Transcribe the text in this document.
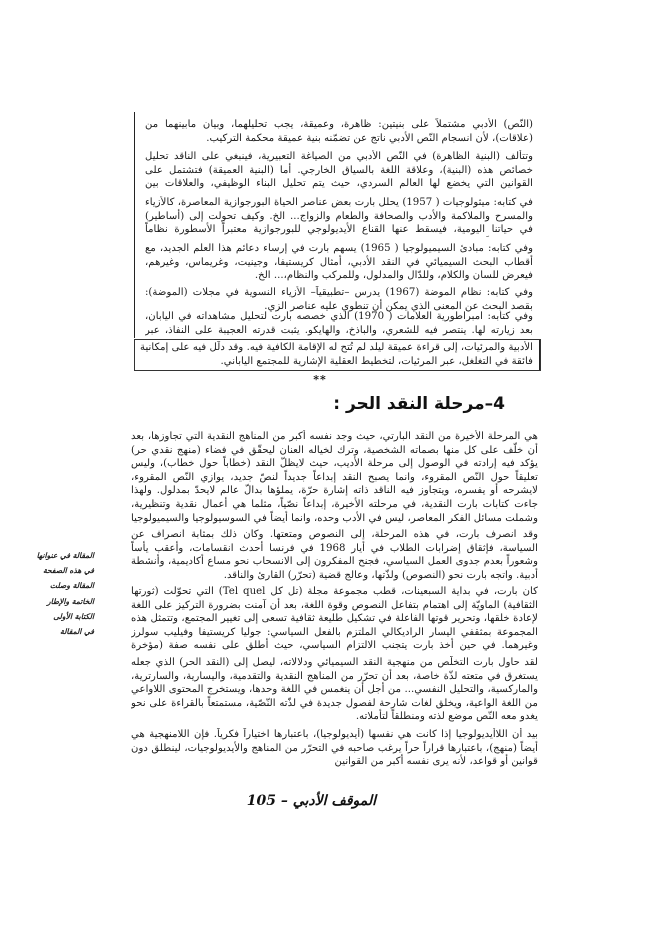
(النّص) الأدبي مشتملاً على بنيتين: ظاهرة، وعميقة، يجب تحليلهما، وبيان مابينهما من (علاقات)، لأن انسجام النّص الأدبي ناتج عن تضمّنه بنية عميقة محكمة التركيب.
وتتألف (البنية الظاهرة) في النّص الأدبي من الصياغة التعبيرية، فينبغي على الناقد تحليل خصائص هذه (البنية)، وعلاقة اللغة بالسياق الخارجي. أما (البنية العميقة) فتشتمل على القوانين التي يخضع لها العالم السردي، حيث يتم تحليل البناء الوظيفي، والعلاقات بين
في كتابه: ميثولوجيات ( 1957) يحلل بارت بعض عناصر الحياة البورجوازية المعاصرة، كالأزياء والمسرح والملاكمة والأدب والصحافة والطعام والزواج... الخ. وكيف تحولت إلى (أساطير) في حياتنا اليومية، فيسقط عنها القناع الأيديولوجي للبورجوازية معتبراً الأسطورة نظاماً
وفي كتابه: مبادئ السيميولوجيا ( 1965) يسهم بارت في إرساء دعائم هذا العلم الجديد، مع أقطاب البحث السيميائي في النقد الأدبي، أمثال كريستيفا، وجينيت، وغريماس، وغيرهم، فيعرض للسان والكلام، وللدّال والمدلول، وللمركب والنظام،... الخ.
وفي كتابه: نظام الموضة (1967) يدرس –تطبيقياً– الأزياء النسوية في مجلات (الموضة): بقصد البحث عن المعنى الذي يمكن أن تنطوي عليه عناصر الزي.
وفي كتابه: امبراطورية العلامات ( 1970) الذي خصصه بارت لتحليل مشاهداته في اليابان، بعد زيارته لها. ينتصر فيه للشعري، والباذخ، والهايكو. يثبت قدرته العجيبة على النفاذ، عبر
الأدبية والمرئيات، إلى قراءة عميقة ليلد لم تُتح له الإقامة الكافية فيه. وقد دلّل فيه على إمكانية فائقة في التغلغل، عبر المرئيات، لتخطيط العقلية الإشارية للمجتمع الياباني.
**
4–مرحلة النقد الحر :
هي المرحلة الأخيرة من النقد البارتي، حيث وجد نفسه أكبر من المناهج النقدية التي تجاوزها، بعد أن خلّف على كل منها بصماته الشخصية، وترك لخياله العنان ليحقّق في فضاء (منهج نقدي حر) يؤكد فيه إرادته في الوصول إلى مرحلة الأديب، حيث لايظلّ النقد (خطاباً حول خطاب)، وليس تعليقاً حول النّص المقروء، وانما يصبح النقد إبداعاً جديداً لنصّ جديد، يوازي النّص المقروء، لايشرحه أو يفسره، ويتجاوز فيه الناقد ذاته إشارة حرّة، يملؤها بدالّ عالم لايحدّ بمدلول. ولهذا جاءت كتابات بارت النقدية، في مرحلته الأخيرة، إبداعاً نصّياً، مثلما هي أعمال نقدية وتنظيرية، وشملت مسائل الفكر المعاصر، ليس في الأدب وحده، وانما أيضاً في السوسيولوجيا والسيميولوجيا
وقد انصرف بارت، في هذه المرحلة، إلى النصوص ومتعتها. وكان ذلك بمثابة انصراف عن السياسة، فإثقاق إضرابات الطلاب في أيار 1968 في فرنسا أحدث انقسامات، وأعقب يأساً وشعوراً بعدم جدوى العمل السياسي، فجنح المفكرون إلى الانسحاب نحو مساع أكاديمية، وأنشطة أدبية. واتجه بارت نحو (النصوص) ولذّتها، وعالج قضية (تحرّر) القارئ والناقد.
كان بارت، في بداية السبعينات، قطب مجموعة مجلة (تل كل Tel quel) التي تحوّلت (ثورتها الثقافية) الماويّة إلى اهتمام بتفاعل النصوص وقوة اللغة، بعد أن آمنت بضرورة التركيز على اللغة لإعادة خلقها، وتحرير قوتها الفاعلة في تشكيل طليعة ثقافية تسعى إلى تغيير المجتمع، وتتمثل هذه المجموعة بمثقفي اليسار الراديكالي الملتزم بالفعل السياسي: جوليا كريستيفا وفيليب سولرز وغيرهما. في حين أخذ بارت يتجنب الالتزام السياسي، حيث أطلق على نفسه صفة (مؤخرة
لقد حاول بارت التخلّص من منهجية النقد السيميائي ودلالاته، ليصل إلى (النقد الحر) الذي جعله يستغرق في متعته لذّة خاصة، بعد أن تحرّر من المناهج النقدية والتقدمية، واليسارية، والسارترية، والماركسية، والتحليل النفسي... من أجل أن ينغمس في اللغة وحدها، ويستخرج المحتوى اللاواعي من اللغة الواعية، ويخلق لغات شارحة لفصول جديدة في لذّته النّصّية، مستمتعاً بالقراءة على نحو يغدو معه النّص موضع لذته ومنطلقاً لتأملاته.
بيد أن اللاأيديولوجيا إذا كانت هي نفسها (أيديولوجيا)، باعتبارها اختياراً فكرياً. فإن اللامنهجية هي أيضاً (منهج)، باعتبارها قراراً حراً يرغب صاحبه في التحرّر من المناهج والأيديولوجيات، لينطلق دون قوانين أو قواعد، لأنه يرى نفسه أكبر من القوانين
المقالة في عنوانها
في هذه الصفحة
المقالة وصلت
الخاتمة والإطار
الكتابة الأولى
في المقالة
الموقف الأدبي – 105
